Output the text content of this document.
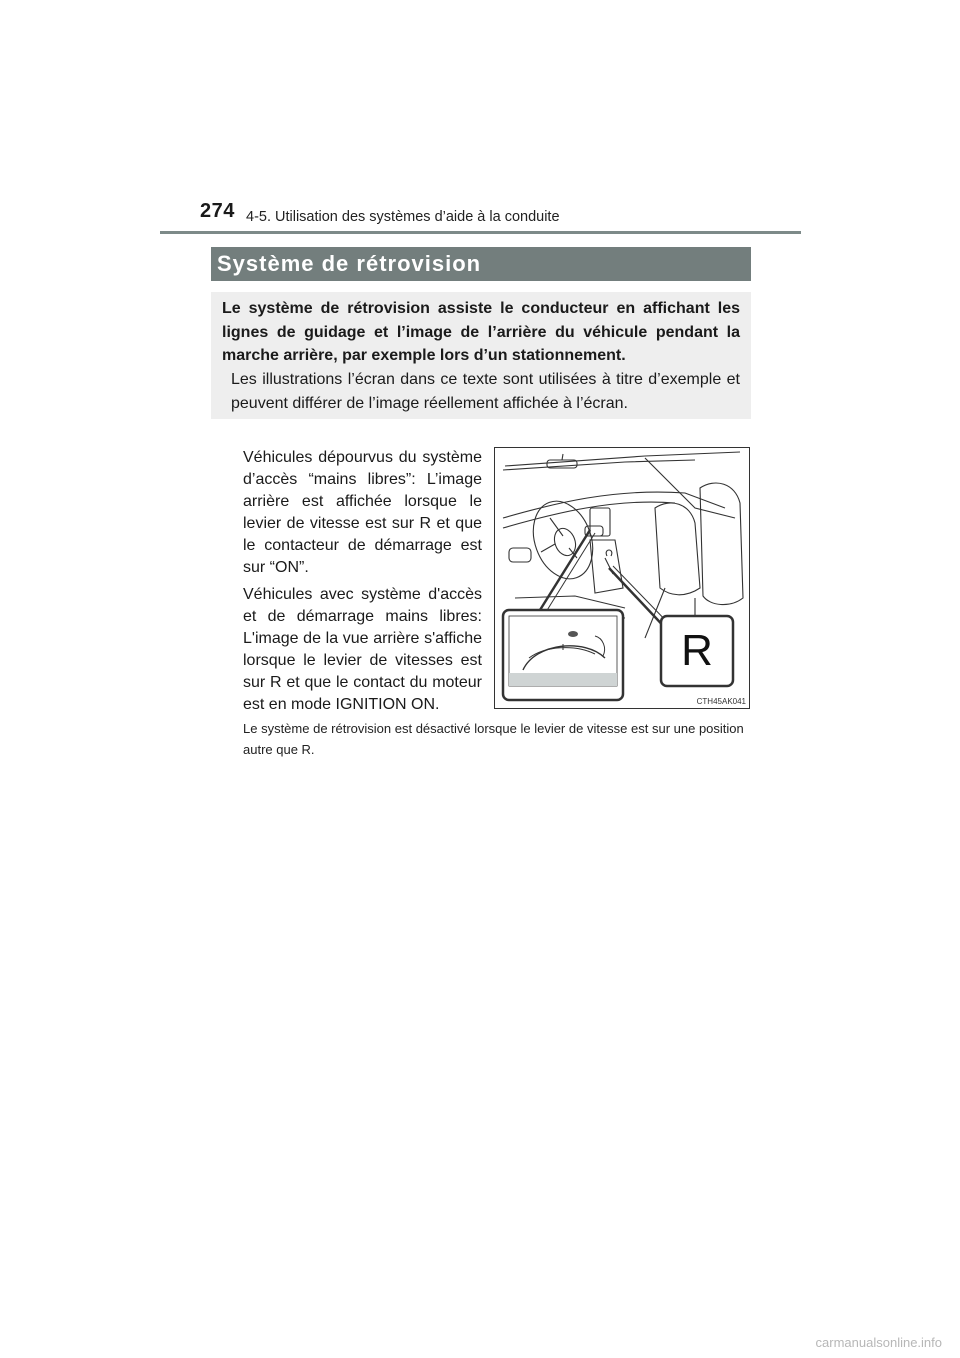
274 4-5. Utilisation des systèmes d’aide à la conduite
Système de rétrovision

Le système de rétrovision assiste le conducteur en affichant les lignes de guidage et l’image de l’arrière du véhicule pendant la marche arrière, par exemple lors d’un stationnement.

Les illustrations l’écran dans ce texte sont utilisées à titre d’exemple et peuvent différer de l’image réellement affichée à l’écran.

Véhicules dépourvus du système d’accès “mains libres”: L’image arrière est affichée lorsque le levier de vitesse est sur R et que le contacteur de démarrage est sur “ON”.

Véhicules avec système d'accès et de démarrage mains libres: L'image de la vue arrière s'affiche lorsque le levier de vitesses est sur R et que le contact du moteur est en mode IGNITION ON.

R
CTH45AK041

Le système de rétrovision est désactivé lorsque le levier de vitesse est sur une position autre que R.

carmanualsonline.info
